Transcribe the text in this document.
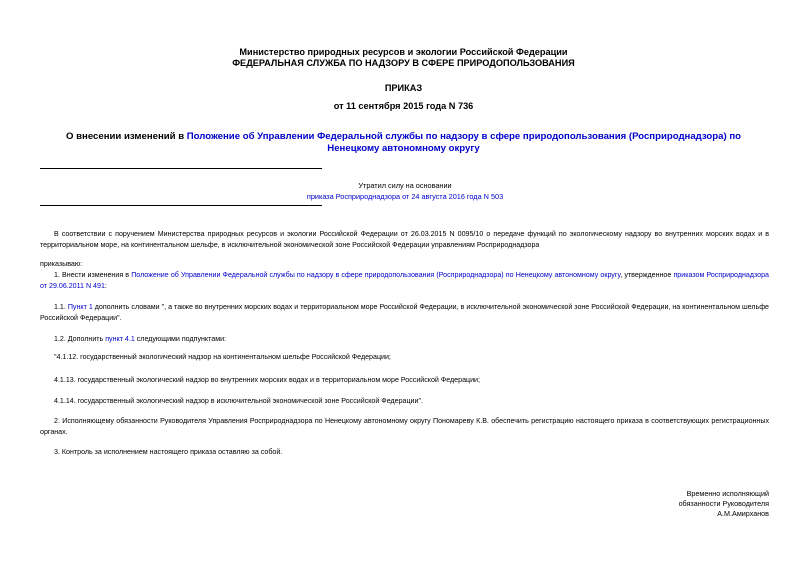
Министерство природных ресурсов и экологии Российской Федерации
ФЕДЕРАЛЬНАЯ СЛУЖБА ПО НАДЗОРУ В СФЕРЕ ПРИРОДОПОЛЬЗОВАНИЯ
ПРИКАЗ
от 11 сентября 2015 года N 736
О внесении изменений в Положение об Управлении Федеральной службы по надзору в сфере природопользования (Росприроднадзора) по Ненецкому автономному округу
Утратил силу на основании
приказа Росприроднадзора от 24 августа 2016 года N 503
В соответствии с поручением Министерства природных ресурсов и экологии Российской Федерации от 26.03.2015 N 0095/10 о передаче функций по экологическому надзору во внутренних морских водах и в территориальном море, на континентальном шельфе, в исключительной экономической зоне Российской Федерации управлениям Росприроднадзора
приказываю:
1. Внести изменения в Положение об Управлении Федеральной службы по надзору в сфере природопользования (Росприроднадзора) по Ненецкому автономному округу, утвержденное приказом Росприроднадзора от 29.06.2011 N 491:
1.1. Пункт 1 дополнить словами ", а также во внутренних морских водах и территориальном море Российской Федерации, в исключительной экономической зоне Российской Федерации, на континентальном шельфе Российской Федерации".
1.2. Дополнить пункт 4.1 следующими подпунктами:
"4.1.12. государственный экологический надзор на континентальном шельфе Российской Федерации;
4.1.13. государственный экологический надзор во внутренних морских водах и в территориальном море Российской Федерации;
4.1.14. государственный экологический надзор в исключительной экономической зоне Российской Федерации".
2. Исполняющему обязанности Руководителя Управления Росприроднадзора по Ненецкому автономному округу Пономареву К.В. обеспечить регистрацию настоящего приказа в соответствующих регистрационных органах.
3. Контроль за исполнением настоящего приказа оставляю за собой.
Временно исполняющий
обязанности Руководителя
А.М.Амирханов
